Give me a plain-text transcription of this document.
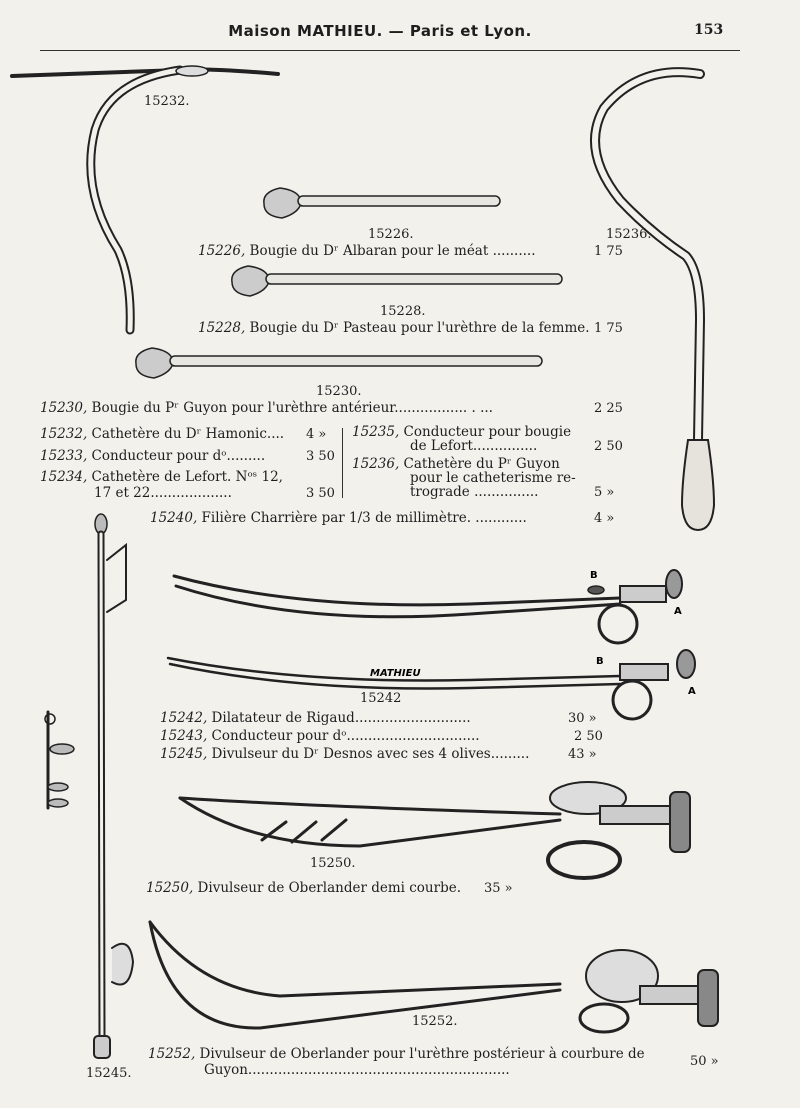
Maison MATHIEU. — Paris et Lyon.	153
MATHIEU
B
A
B
A
15232.
15226.	15236.
15228.
15230.
15242
15250.
15252.
15245.
15226, Bougie du Dʳ Albaran pour le méat ..........	1 75
15228, Bougie du Dʳ Pasteau pour l'urèthre de la femme. 1 75
15230, Bougie du Pʳ Guyon pour l'urèthre antérieur................. . ...	2 25
15232, Cathetère du Dʳ Hamonic.... 4 »
15233, Conducteur pour dᵒ.........	3 50
15234, Cathetère de Lefort. Nᵒˢ 12,
17 et 22...................	3 50
15235, Conducteur pour bougie
de Lefort...............	2 50
15236, Cathetère du Pʳ Guyon
pour le catheterisme re-
trograde ...............	5 »
15240, Filière Charrière par 1/3 de millimètre. ............	4 »
15242, Dilatateur de Rigaud...........................	30 »
15243, Conducteur pour dᵒ...............................	2 50
15245, Divulseur du Dʳ Desnos avec ses 4 olives.........	43 »
15250, Divulseur de Oberlander demi courbe. 35 »
15252, Divulseur de Oberlander pour l'urèthre postérieur à courbure de
Guyon.............................................................
50 »
